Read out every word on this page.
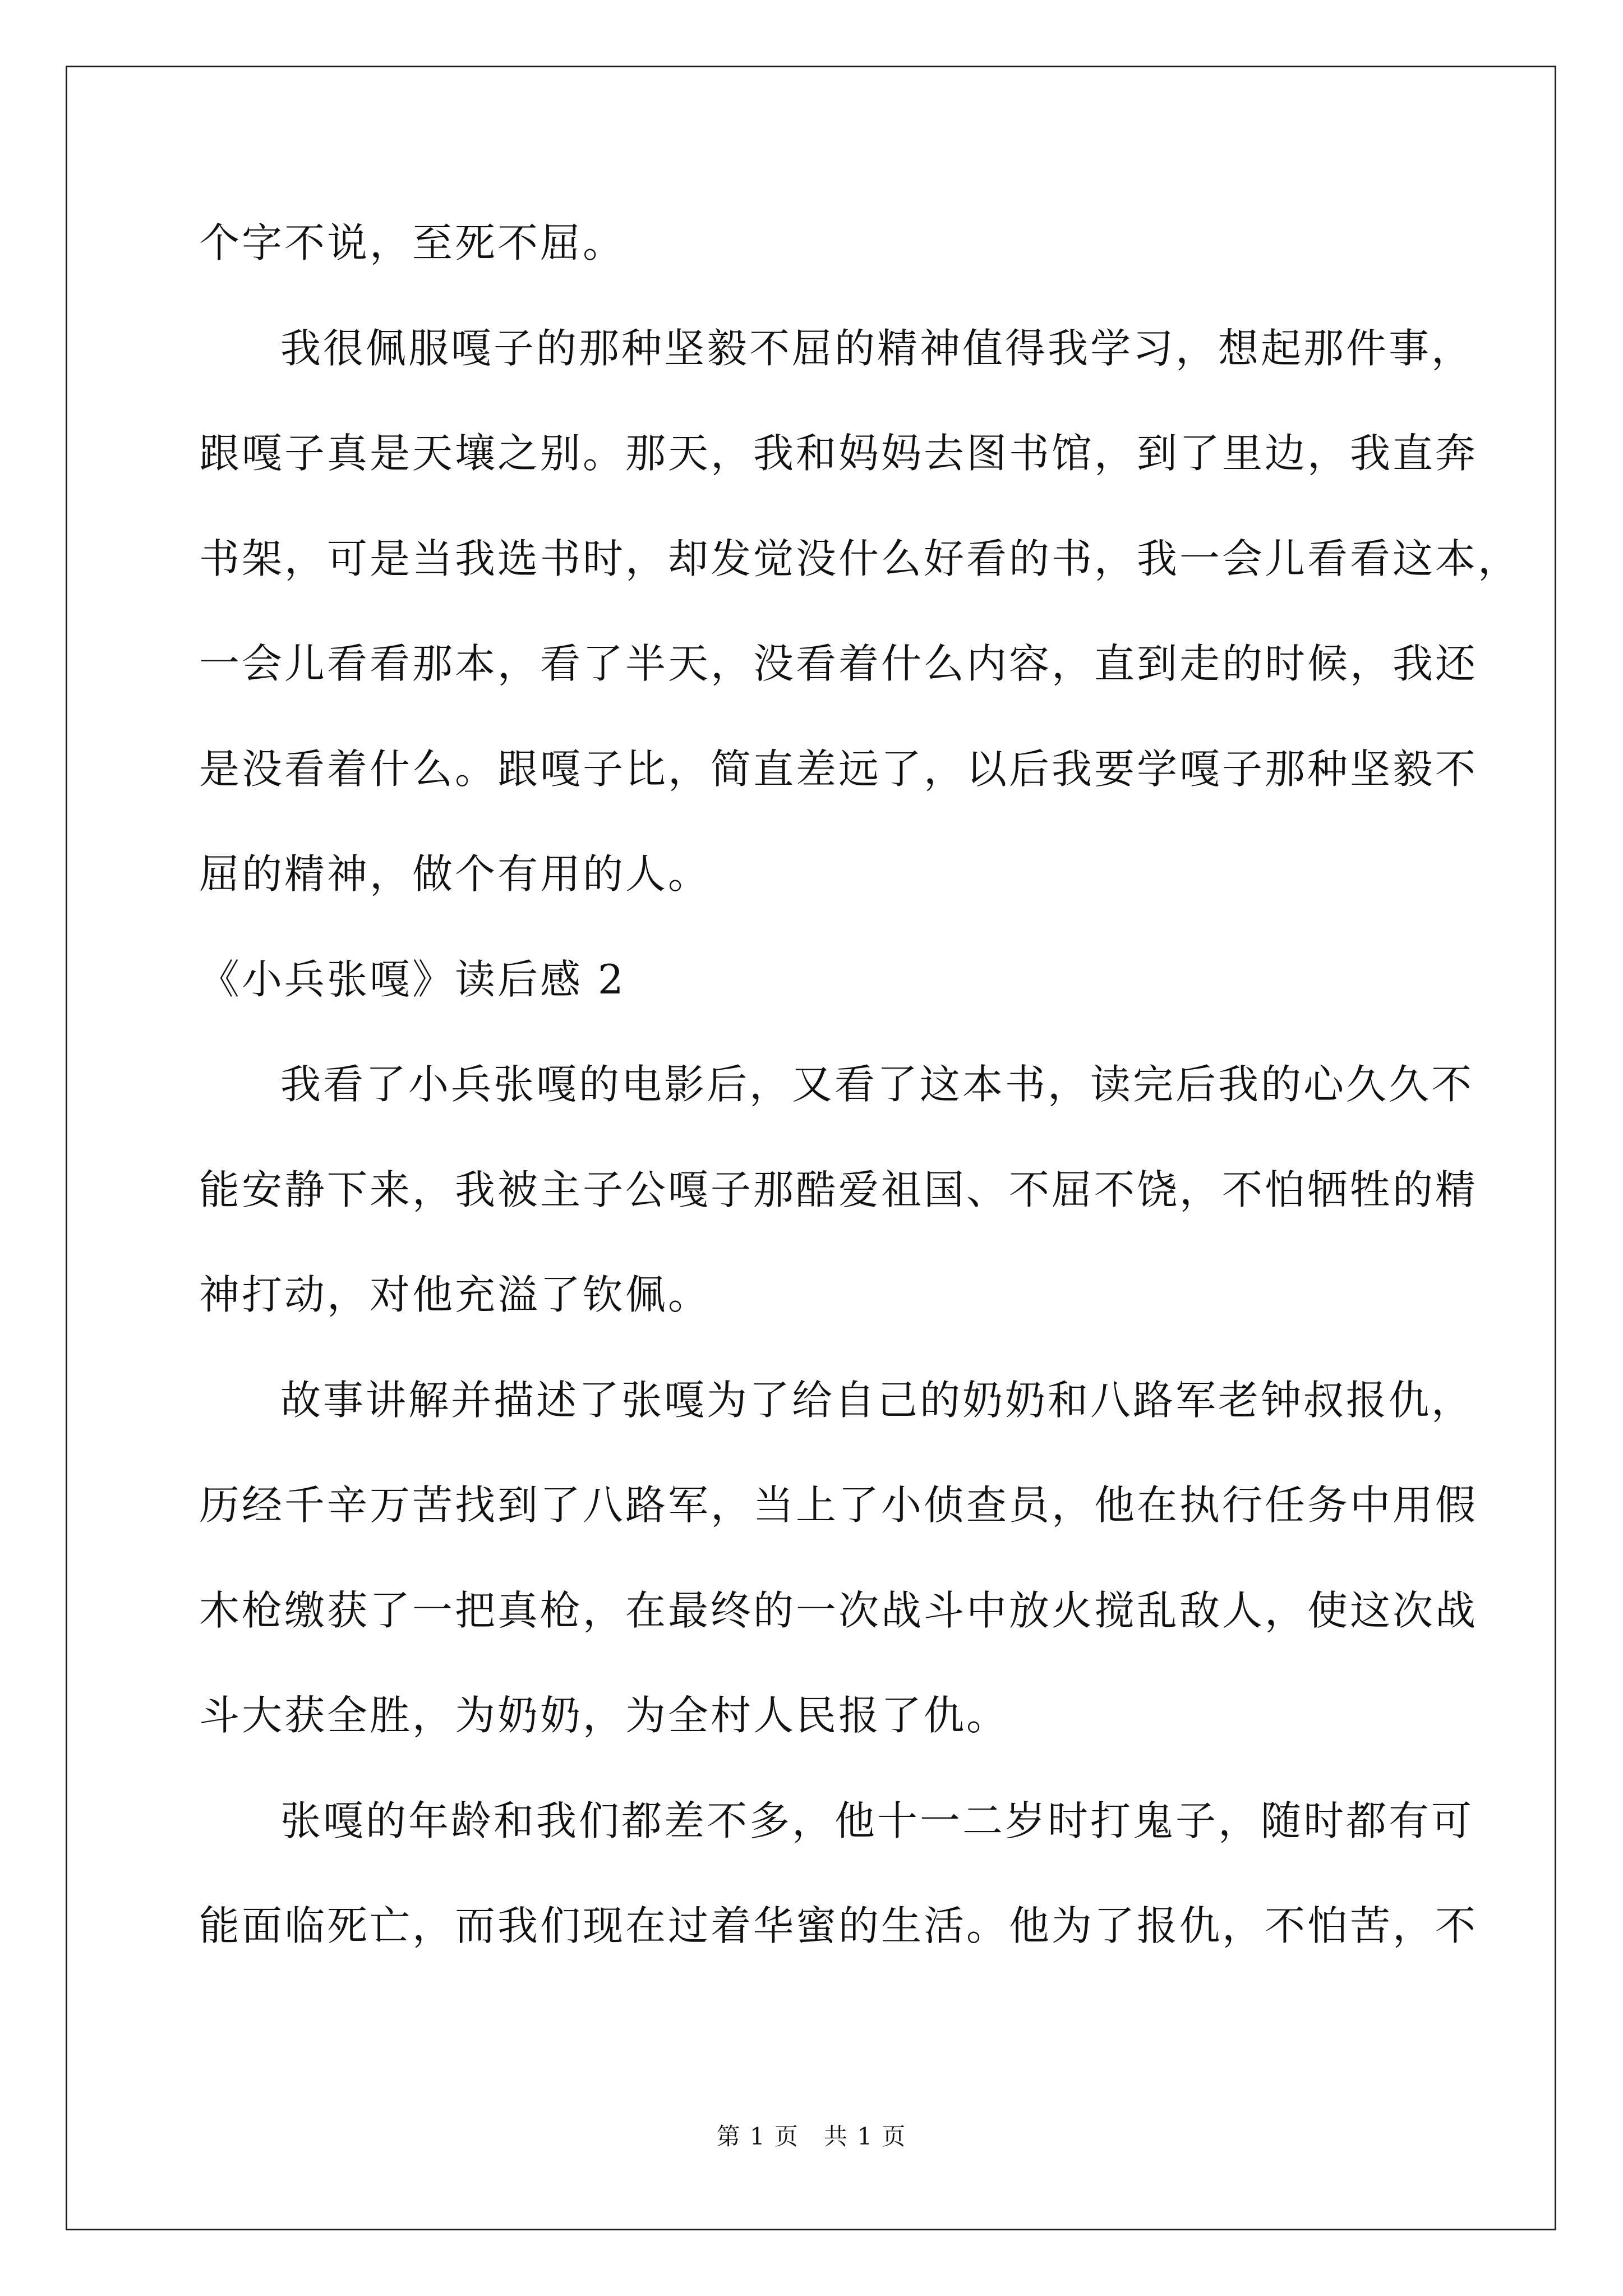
个字不说，至死不屈。
我很佩服嘎子的那种坚毅不屈的精神值得我学习，想起那件事，
跟嘎子真是天壤之别。那天，我和妈妈去图书馆，到了里边，我直奔
书架，可是当我选书时，却发觉没什么好看的书，我一会儿看看这本，
一会儿看看那本，看了半天，没看着什么内容，直到走的时候，我还
是没看着什么。跟嘎子比，简直差远了，以后我要学嘎子那种坚毅不
屈的精神，做个有用的人。
《小兵张嘎》读后感 2
我看了小兵张嘎的电影后，又看了这本书，读完后我的心久久不
能安静下来，我被主子公嘎子那酷爱祖国、不屈不饶，不怕牺牲的精
神打动，对他充溢了钦佩。
故事讲解并描述了张嘎为了给自己的奶奶和八路军老钟叔报仇，
历经千辛万苦找到了八路军，当上了小侦查员，他在执行任务中用假
木枪缴获了一把真枪，在最终的一次战斗中放火搅乱敌人，使这次战
斗大获全胜，为奶奶，为全村人民报了仇。
张嘎的年龄和我们都差不多，他十一二岁时打鬼子，随时都有可
能面临死亡，而我们现在过着华蜜的生活。他为了报仇，不怕苦，不
第 1 页　共 1 页
